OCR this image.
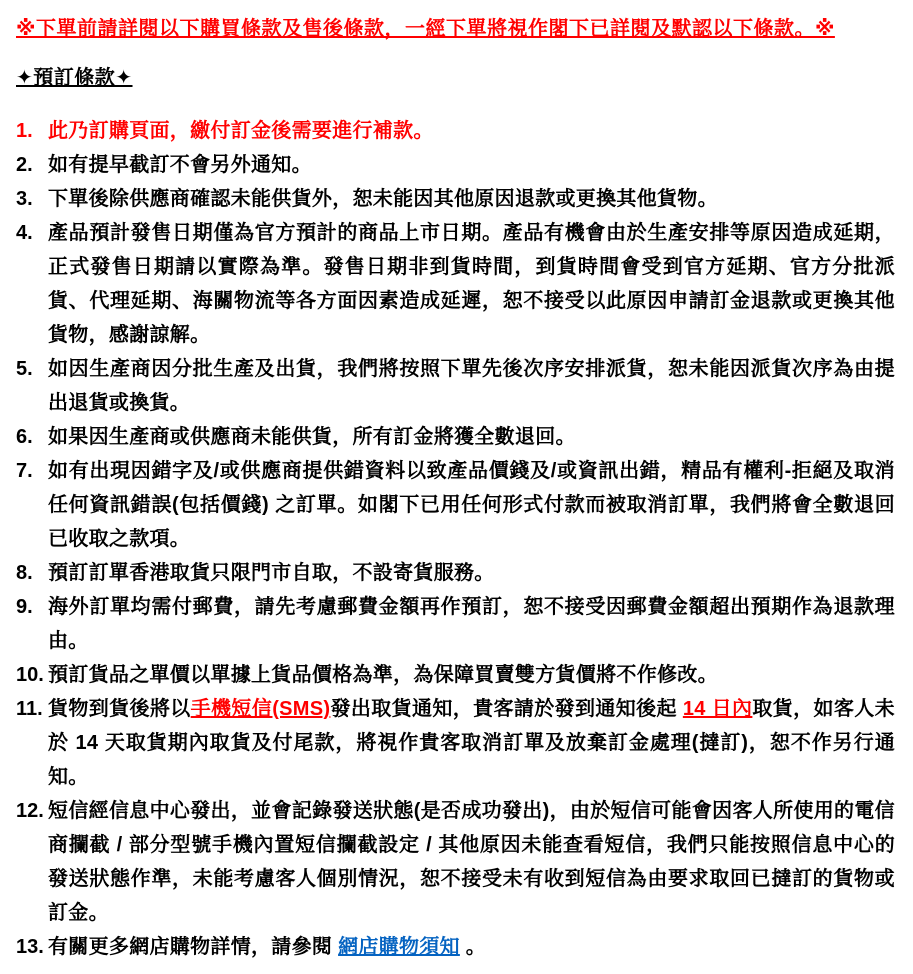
※下單前請詳閱以下購買條款及售後條款，一經下單將視作閣下已詳閱及默認以下條款。※
✦預訂條款✦
1. 此乃訂購頁面，繳付訂金後需要進行補款。
2. 如有提早截訂不會另外通知。
3. 下單後除供應商確認未能供貨外，恕未能因其他原因退款或更換其他貨物。
4. 產品預計發售日期僅為官方預計的商品上市日期。產品有機會由於生產安排等原因造成延期，正式發售日期請以實際為準。發售日期非到貨時間，到貨時間會受到官方延期、官方分批派貨、代理延期、海關物流等各方面因素造成延遲，恕不接受以此原因申請訂金退款或更換其他貨物，感謝諒解。
5. 如因生產商因分批生產及出貨，我們將按照下單先後次序安排派貨，恕未能因派貨次序為由提出退貨或換貨。
6. 如果因生產商或供應商未能供貨，所有訂金將獲全數退回。
7. 如有出現因錯字及/或供應商提供錯資料以致產品價錢及/或資訊出錯，精品有權利-拒絕及取消任何資訊錯誤(包括價錢) 之訂單。如閣下已用任何形式付款而被取消訂單，我們將會全數退回已收取之款項。
8. 預訂訂單香港取貨只限門市自取，不設寄貨服務。
9. 海外訂單均需付郵費，請先考慮郵費金額再作預訂，恕不接受因郵費金額超出預期作為退款理由。
10. 預訂貨品之單價以單據上貨品價格為準，為保障買賣雙方貨價將不作修改。
11. 貨物到貨後將以手機短信(SMS)發出取貨通知，貴客請於發到通知後起 14 日內取貨，如客人未於 14 天取貨期內取貨及付尾款，將視作貴客取消訂單及放棄訂金處理(撻訂)，恕不作另行通知。
12. 短信經信息中心發出，並會記錄發送狀態(是否成功發出)，由於短信可能會因客人所使用的電信商攔截 / 部分型號手機內置短信攔截設定 / 其他原因未能查看短信，我們只能按照信息中心的發送狀態作準，未能考慮客人個別情況，恕不接受未有收到短信為由要求取回已撻訂的貨物或訂金。
13. 有關更多網店購物詳情，請參閱 網店購物須知 。
